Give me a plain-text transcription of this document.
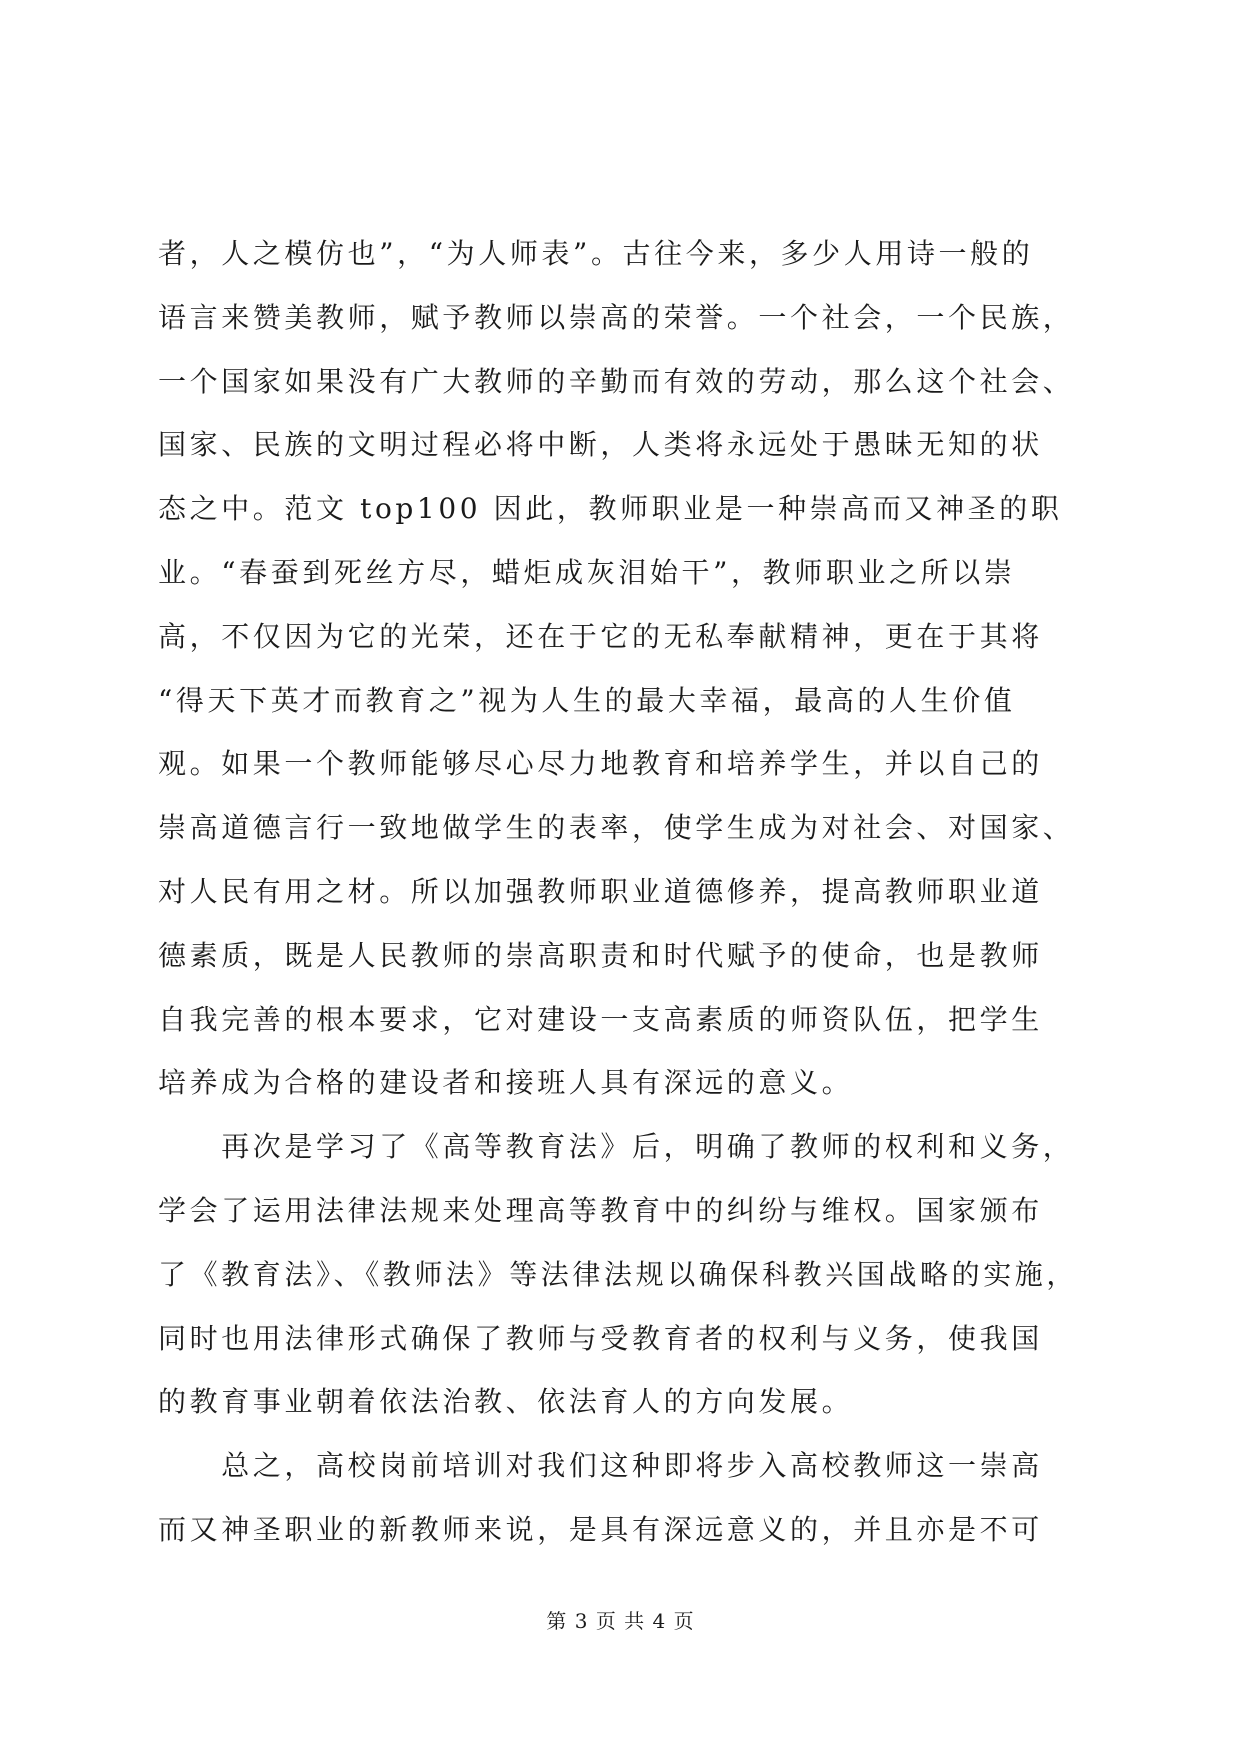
者，人之模仿也”，“为人师表”。古往今来，多少人用诗一般的
语言来赞美教师，赋予教师以崇高的荣誉。一个社会，一个民族，
一个国家如果没有广大教师的辛勤而有效的劳动，那么这个社会、
国家、民族的文明过程必将中断，人类将永远处于愚昧无知的状
态之中。范文 top100 因此，教师职业是一种崇高而又神圣的职
业。“春蚕到死丝方尽，蜡炬成灰泪始干”，教师职业之所以崇
高，不仅因为它的光荣，还在于它的无私奉献精神，更在于其将
“得天下英才而教育之”视为人生的最大幸福，最高的人生价值
观。如果一个教师能够尽心尽力地教育和培养学生，并以自己的
崇高道德言行一致地做学生的表率，使学生成为对社会、对国家、
对人民有用之材。所以加强教师职业道德修养，提高教师职业道
德素质，既是人民教师的崇高职责和时代赋予的使命，也是教师
自我完善的根本要求，它对建设一支高素质的师资队伍，把学生
培养成为合格的建设者和接班人具有深远的意义。
　　再次是学习了《高等教育法》后，明确了教师的权利和义务，
学会了运用法律法规来处理高等教育中的纠纷与维权。国家颁布
了《教育法》、《教师法》等法律法规以确保科教兴国战略的实施，
同时也用法律形式确保了教师与受教育者的权利与义务，使我国
的教育事业朝着依法治教、依法育人的方向发展。
　　总之，高校岗前培训对我们这种即将步入高校教师这一崇高
而又神圣职业的新教师来说，是具有深远意义的，并且亦是不可
第 3 页 共 4 页
